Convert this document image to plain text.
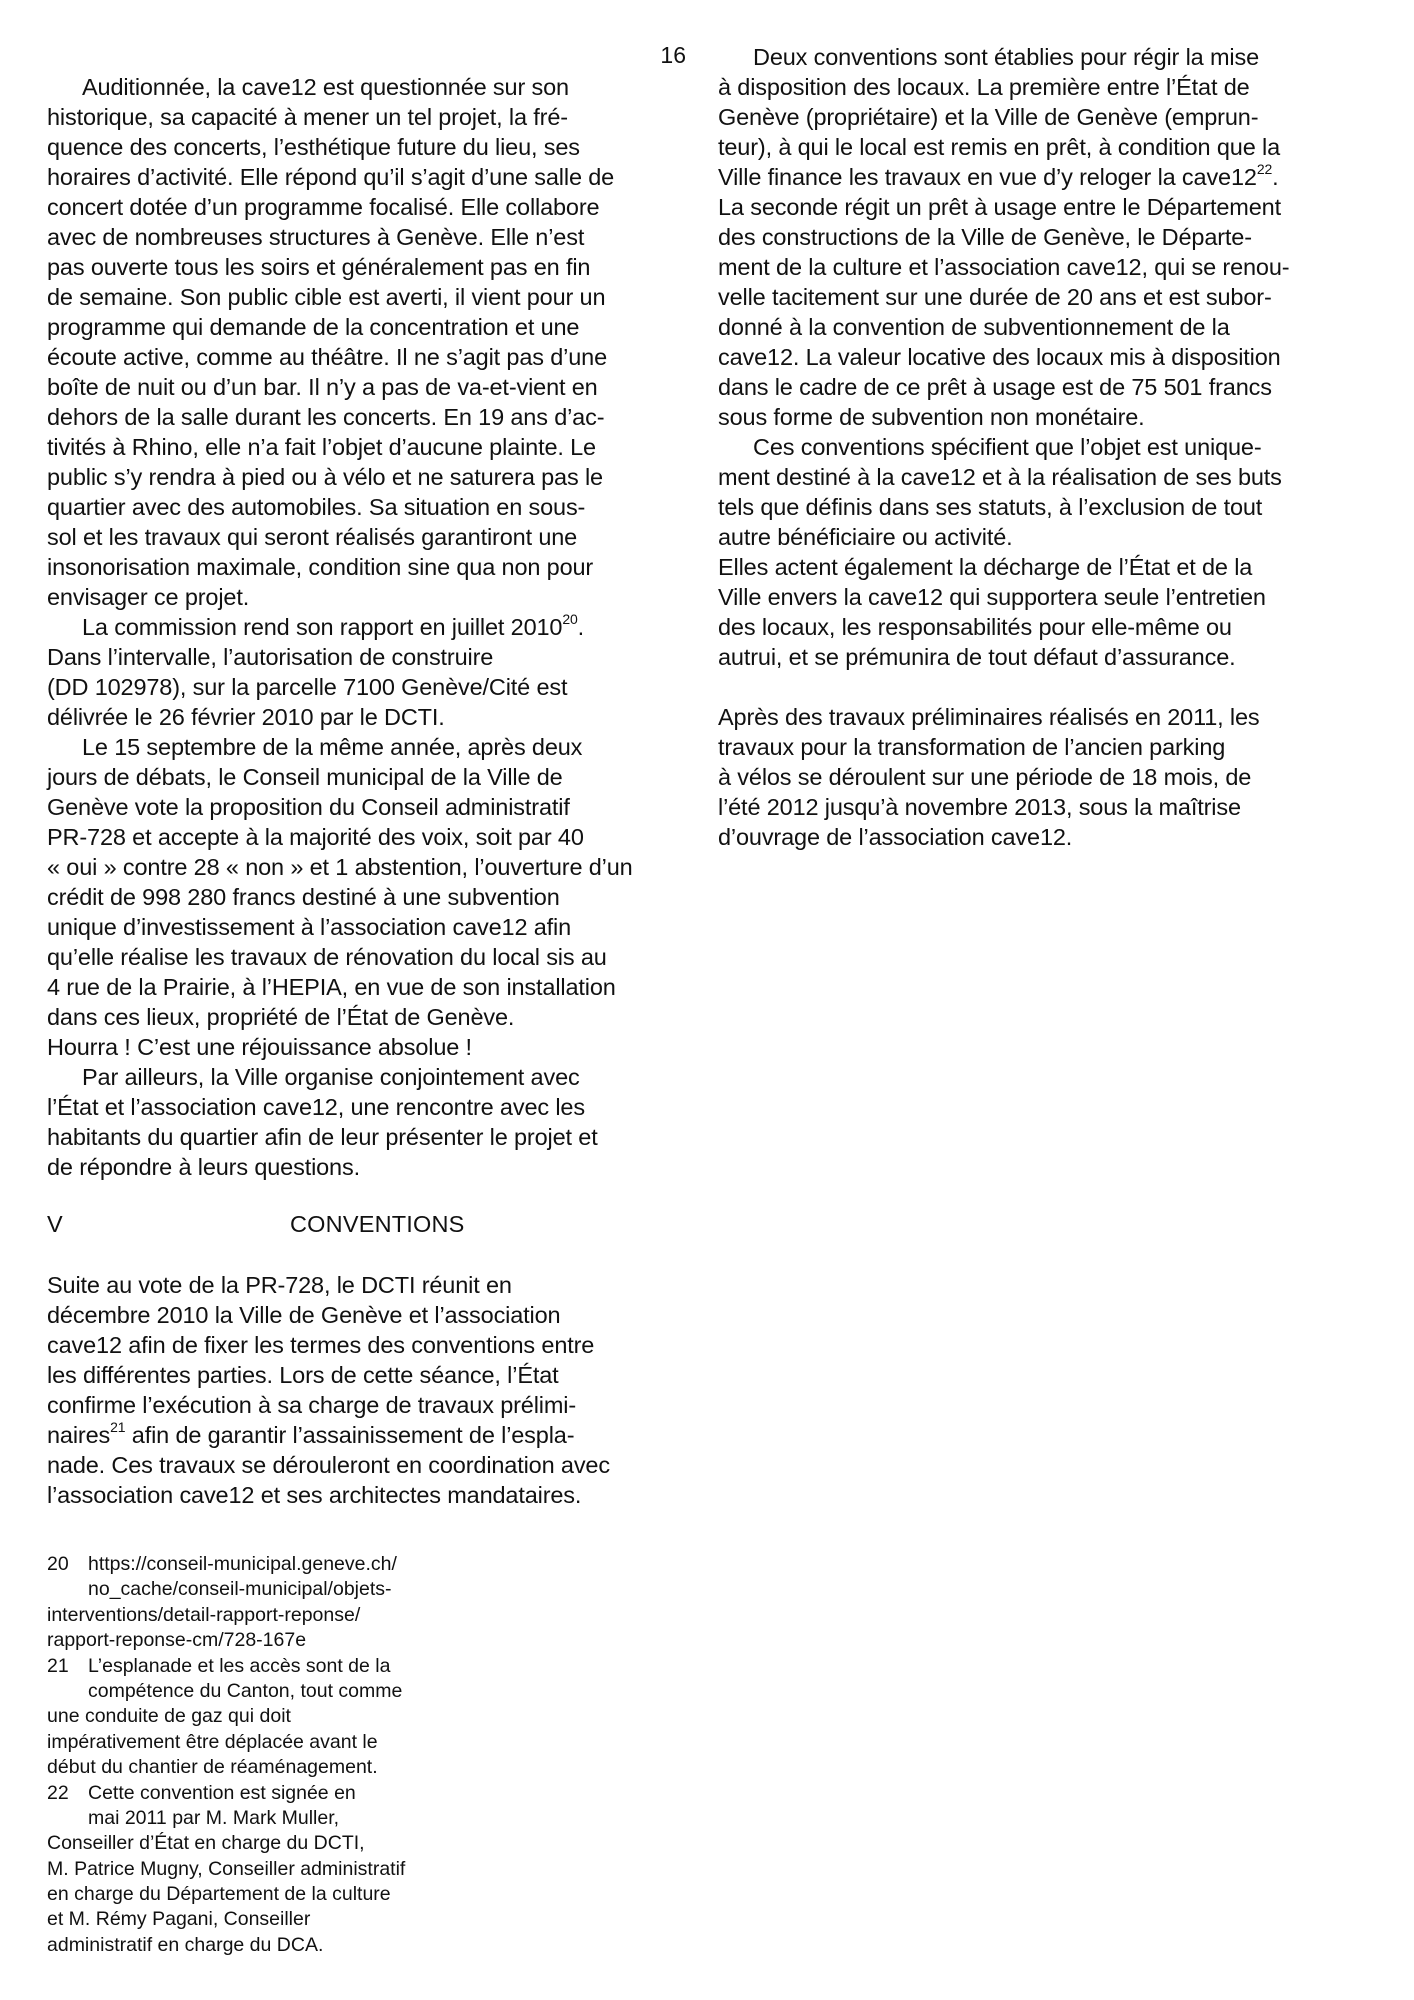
16
Auditionnée, la cave12 est questionnée sur son
historique, sa capacité à mener un tel projet, la fré-
quence des concerts, l’esthétique future du lieu, ses
horaires d’activité. Elle répond qu’il s’agit d’une salle de
concert dotée d’un programme focalisé. Elle collabore
avec de nombreuses structures à Genève. Elle n’est
pas ouverte tous les soirs et généralement pas en fin
de semaine. Son public cible est averti, il vient pour un
programme qui demande de la concentration et une
écoute active, comme au théâtre. Il ne s’agit pas d’une
boîte de nuit ou d’un bar. Il n’y a pas de va-et-vient en
dehors de la salle durant les concerts. En 19 ans d’ac-
tivités à Rhino, elle n’a fait l’objet d’aucune plainte. Le
public s’y rendra à pied ou à vélo et ne saturera pas le
quartier avec des automobiles. Sa situation en sous-
sol et les travaux qui seront réalisés garantiront une
insonorisation maximale, condition sine qua non pour
envisager ce projet.
La commission rend son rapport en juillet 2010$^{20}$.
Dans l’intervalle, l’autorisation de construire
(DD 102978), sur la parcelle 7100 Genève/Cité est
délivrée le 26 février 2010 par le DCTI.
Le 15 septembre de la même année, après deux
jours de débats, le Conseil municipal de la Ville de
Genève vote la proposition du Conseil administratif
PR-728 et accepte à la majorité des voix, soit par 40
« oui » contre 28 « non » et 1 abstention, l’ouverture d’un
crédit de 998 280 francs destiné à une subvention
unique d’investissement à l’association cave12 afin
qu’elle réalise les travaux de rénovation du local sis au
4 rue de la Prairie, à l’HEPIA, en vue de son installation
dans ces lieux, propriété de l’État de Genève.
Hourra ! C’est une réjouissance absolue !
Par ailleurs, la Ville organise conjointement avec
l’État et l’association cave12, une rencontre avec les
habitants du quartier afin de leur présenter le projet et
de répondre à leurs questions.
V	CONVENTIONS
Suite au vote de la PR-728, le DCTI réunit en
décembre 2010 la Ville de Genève et l’association
cave12 afin de fixer les termes des conventions entre
les différentes parties. Lors de cette séance, l’État
confirme l’exécution à sa charge de travaux prélimi-
naires$^{21}$ afin de garantir l’assainissement de l’espla-
nade. Ces travaux se dérouleront en coordination avec
l’association cave12 et ses architectes mandataires.
Deux conventions sont établies pour régir la mise
à disposition des locaux. La première entre l’État de
Genève (propriétaire) et la Ville de Genève (emprun-
teur), à qui le local est remis en prêt, à condition que la
Ville finance les travaux en vue d’y reloger la cave12$^{22}$.
La seconde régit un prêt à usage entre le Département
des constructions de la Ville de Genève, le Départe-
ment de la culture et l’association cave12, qui se renou-
velle tacitement sur une durée de 20 ans et est subor-
donné à la convention de subventionnement de la
cave12. La valeur locative des locaux mis à disposition
dans le cadre de ce prêt à usage est de 75 501 francs
sous forme de subvention non monétaire.
Ces conventions spécifient que l’objet est unique-
ment destiné à la cave12 et à la réalisation de ses buts
tels que définis dans ses statuts, à l’exclusion de tout
autre bénéficiaire ou activité.
Elles actent également la décharge de l’État et de la
Ville envers la cave12 qui supportera seule l’entretien
des locaux, les responsabilités pour elle-même ou
autrui, et se prémunira de tout défaut d’assurance.
Après des travaux préliminaires réalisés en 2011, les
travaux pour la transformation de l’ancien parking
à vélos se déroulent sur une période de 18 mois, de
l’été 2012 jusqu’à novembre 2013, sous la maîtrise
d’ouvrage de l’association cave12.
20 https://conseil-municipal.geneve.ch/
no_cache/conseil-municipal/objets-
interventions/detail-rapport-reponse/
rapport-reponse-cm/728-167e
21 L’esplanade et les accès sont de la
compétence du Canton, tout comme
une conduite de gaz qui doit
impérativement être déplacée avant le
début du chantier de réaménagement.
22 Cette convention est signée en
mai 2011 par M. Mark Muller,
Conseiller d’État en charge du DCTI,
M. Patrice Mugny, Conseiller administratif
en charge du Département de la culture
et M. Rémy Pagani, Conseiller
administratif en charge du DCA.
